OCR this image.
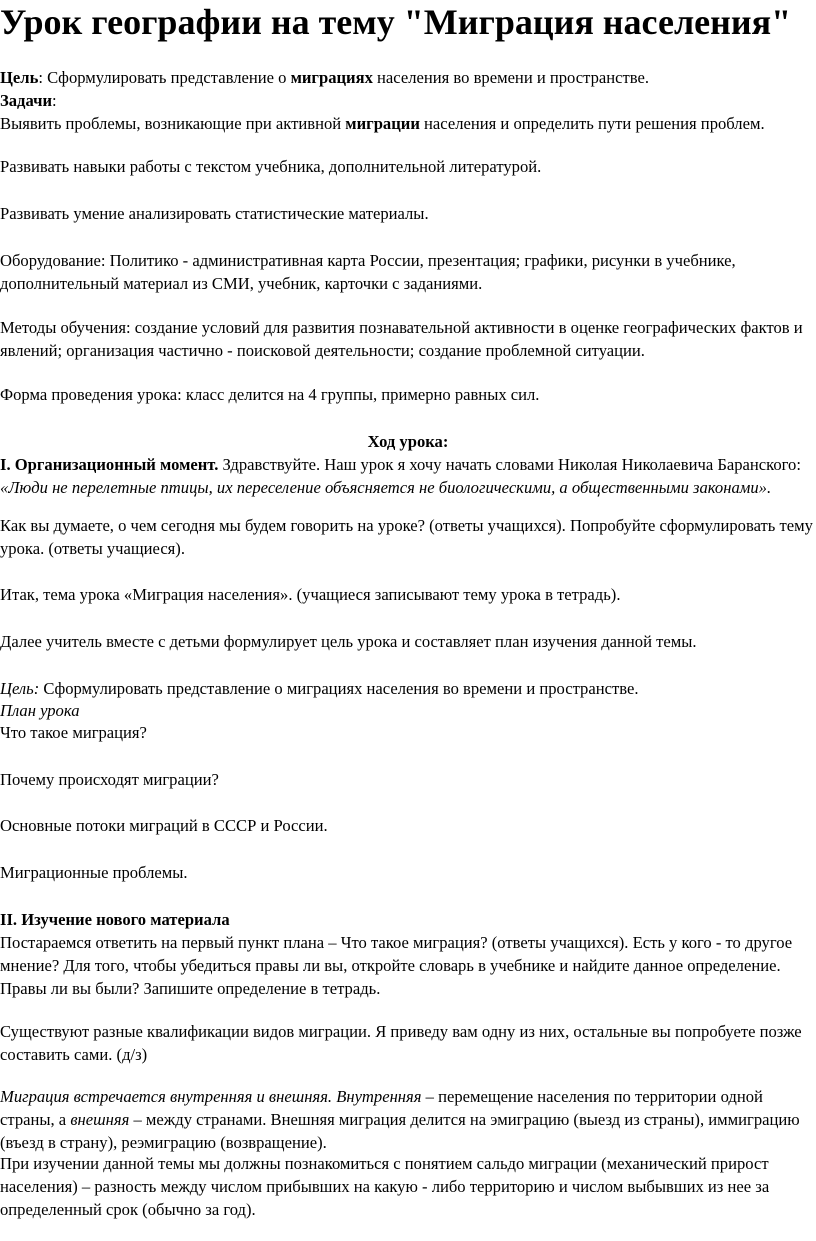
Урок географии на тему "Миграция населения"

Цель: Сформулировать представление о миграциях населения во времени и пространстве.

Задачи:

Выявить проблемы, возникающие при активной миграции населения и определить пути решения проблем.

Развивать навыки работы с текстом учебника, дополнительной литературой.

Развивать умение анализировать статистические материалы.

Оборудование: Политико - административная карта России, презентация; графики, рисунки в учебнике, дополнительный материал из СМИ, учебник, карточки с заданиями.

Методы обучения: создание условий для развития познавательной активности в оценке географических фактов и явлений; организация частично - поисковой деятельности; создание проблемной ситуации.

Форма проведения урока: класс делится на 4 группы, примерно равных сил.

Ход урока:

I. Организационный момент. Здравствуйте. Наш урок я хочу начать словами Николая Николаевича Баранского: «Люди не перелетные птицы, их переселение объясняется не биологическими, а общественными законами».

Как вы думаете, о чем сегодня мы будем говорить на уроке? (ответы учащихся). Попробуйте сформулировать тему урока. (ответы учащиеся).

Итак, тема урока «Миграция населения». (учащиеся записывают тему урока в тетрадь).

Далее учитель вместе с детьми формулирует цель урока и составляет план изучения данной темы.

Цель: Сформулировать представление о миграциях населения во времени и пространстве.

План урока

Что такое миграция?

Почему происходят миграции?

Основные потоки миграций в СССР и России.

Миграционные проблемы.

II. Изучение нового материала

Постараемся ответить на первый пункт плана – Что такое миграция? (ответы учащихся). Есть у кого - то другое мнение? Для того, чтобы убедиться правы ли вы, откройте словарь в учебнике и найдите данное определение. Правы ли вы были? Запишите определение в тетрадь.

Существуют разные квалификации видов миграции. Я приведу вам одну из них, остальные вы попробуете позже составить сами. (д/з)

Миграция встречается внутренняя и внешняя. Внутренняя – перемещение населения по территории одной страны, а внешняя – между странами. Внешняя миграция делится на эмиграцию (выезд из страны), иммиграцию (въезд в страну), реэмиграцию (возвращение).

При изучении данной темы мы должны познакомиться с понятием сальдо миграции (механический прирост населения) – разность между числом прибывших на какую - либо территорию и числом выбывших из нее за определенный срок (обычно за год).
